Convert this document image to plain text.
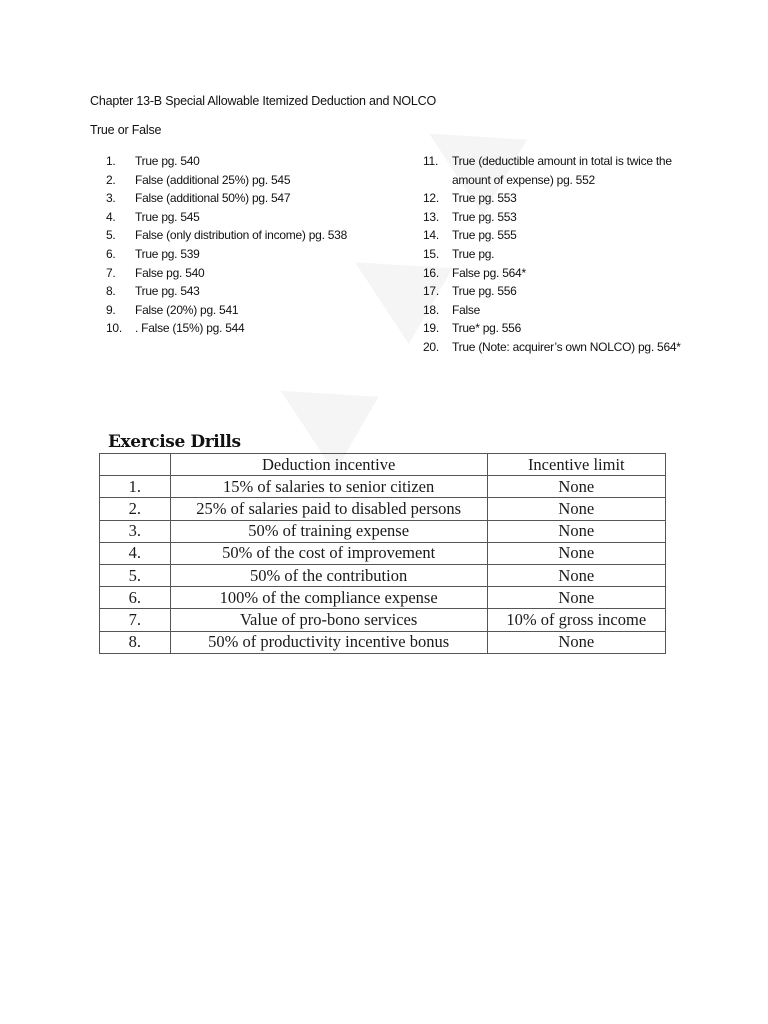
Chapter 13-B Special Allowable Itemized Deduction and NOLCO
True or False
1.	True pg. 540
2.	False (additional 25%) pg. 545
3.	False (additional 50%) pg. 547
4.	True pg. 545
5.	False (only distribution of income) pg. 538
6.	True pg. 539
7.	False pg. 540
8.	True pg. 543
9.	False (20%) pg. 541
10.	. False (15%) pg. 544
11.	True (deductible amount in total is twice the amount of expense) pg. 552
12.	True pg. 553
13.	True pg. 553
14.	True pg. 555
15.	True pg.
16.	False pg. 564*
17.	True pg. 556
18.	False
19.	True* pg. 556
20.	True (Note: acquirer’s own NOLCO) pg. 564*
Exercise Drills
	Deduction incentive	Incentive limit
1.	15% of salaries to senior citizen	None
2.	25% of salaries paid to disabled persons	None
3.	50% of training expense	None
4.	50% of the cost of improvement	None
5.	50% of the contribution	None
6.	100% of the compliance expense	None
7.	Value of pro-bono services	10% of gross income
8.	50% of productivity incentive bonus	None
